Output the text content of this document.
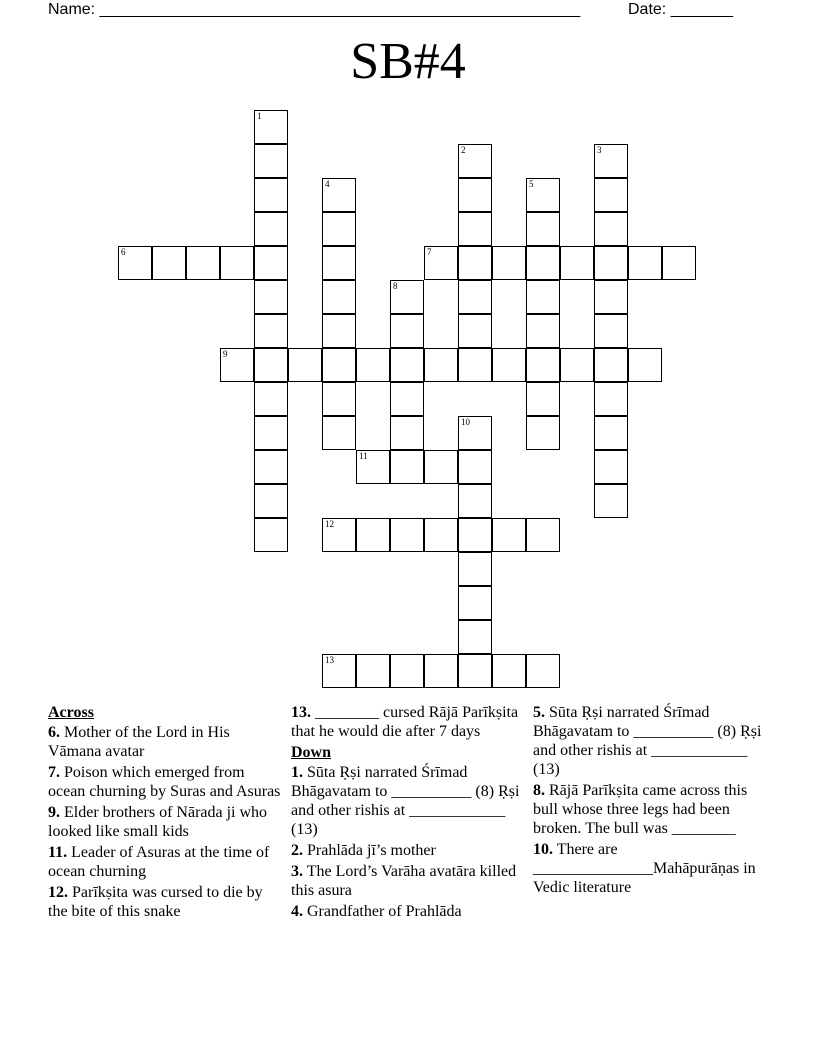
Name: ______________________________________________________	Date: _______
SB#4
1
2	3
4	5
8
10
6	7
9
11
12
13
Across
6. Mother of the Lord in His Vāmana avatar
7. Poison which emerged from ocean churning by Suras and Asuras
9. Elder brothers of Nārada ji who looked like small kids
11. Leader of Asuras at the time of ocean churning
12. Parīkṣita was cursed to die by the bite of this snake
13. ________ cursed Rājā Parīkṣita that he would die after 7 days
Down
1. Sūta Ṛṣi narrated Śrīmad Bhāgavatam to __________ (8) Ṛṣi and other rishis at ____________ (13)
2. Prahlāda jī’s mother
3. The Lord’s Varāha avatāra killed this asura
4. Grandfather of Prahlāda
5. Sūta Ṛṣi narrated Śrīmad Bhāgavatam to __________ (8) Ṛṣi and other rishis at ____________ (13)
8. Rājā Parīkṣita came across this bull whose three legs had been broken. The bull was ________
10. There are _______________Mahāpurāṇas in Vedic literature
